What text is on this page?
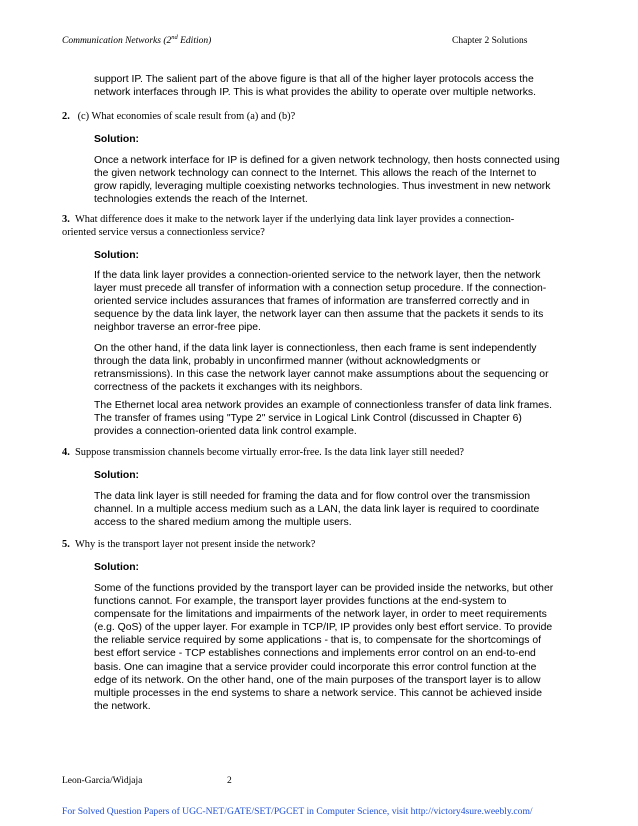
Communication Networks (2nd Edition)	Chapter 2 Solutions
support IP. The salient part of the above figure is that all of the higher layer protocols access the
network interfaces through IP. This is what provides the ability to operate over multiple networks.
2. (c) What economies of scale result from (a) and (b)?
Solution:
Once a network interface for IP is defined for a given network technology, then hosts connected using
the given network technology can connect to the Internet. This allows the reach of the Internet to
grow rapidly, leveraging multiple coexisting networks technologies. Thus investment in new network
technologies extends the reach of the Internet.
3. What difference does it make to the network layer if the underlying data link layer provides a connection-
oriented service versus a connectionless service?
Solution:
If the data link layer provides a connection-oriented service to the network layer, then the network
layer must precede all transfer of information with a connection setup procedure. If the connection-
oriented service includes assurances that frames of information are transferred correctly and in
sequence by the data link layer, the network layer can then assume that the packets it sends to its
neighbor traverse an error-free pipe.
On the other hand, if the data link layer is connectionless, then each frame is sent independently
through the data link, probably in unconfirmed manner (without acknowledgments or
retransmissions). In this case the network layer cannot make assumptions about the sequencing or
correctness of the packets it exchanges with its neighbors.
The Ethernet local area network provides an example of connectionless transfer of data link frames.
The transfer of frames using "Type 2" service in Logical Link Control (discussed in Chapter 6)
provides a connection-oriented data link control example.
4. Suppose transmission channels become virtually error-free. Is the data link layer still needed?
Solution:
The data link layer is still needed for framing the data and for flow control over the transmission
channel. In a multiple access medium such as a LAN, the data link layer is required to coordinate
access to the shared medium among the multiple users.
5. Why is the transport layer not present inside the network?
Solution:
Some of the functions provided by the transport layer can be provided inside the networks, but other
functions cannot. For example, the transport layer provides functions at the end-system to
compensate for the limitations and impairments of the network layer, in order to meet requirements
(e.g. QoS) of the upper layer. For example in TCP/IP, IP provides only best effort service. To provide
the reliable service required by some applications - that is, to compensate for the shortcomings of
best effort service - TCP establishes connections and implements error control on an end-to-end
basis. One can imagine that a service provider could incorporate this error control function at the
edge of its network. On the other hand, one of the main purposes of the transport layer is to allow
multiple processes in the end systems to share a network service. This cannot be achieved inside
the network.
Leon-Garcia/Widjaja	2
For Solved Question Papers of UGC-NET/GATE/SET/PGCET in Computer Science, visit http://victory4sure.weebly.com/
